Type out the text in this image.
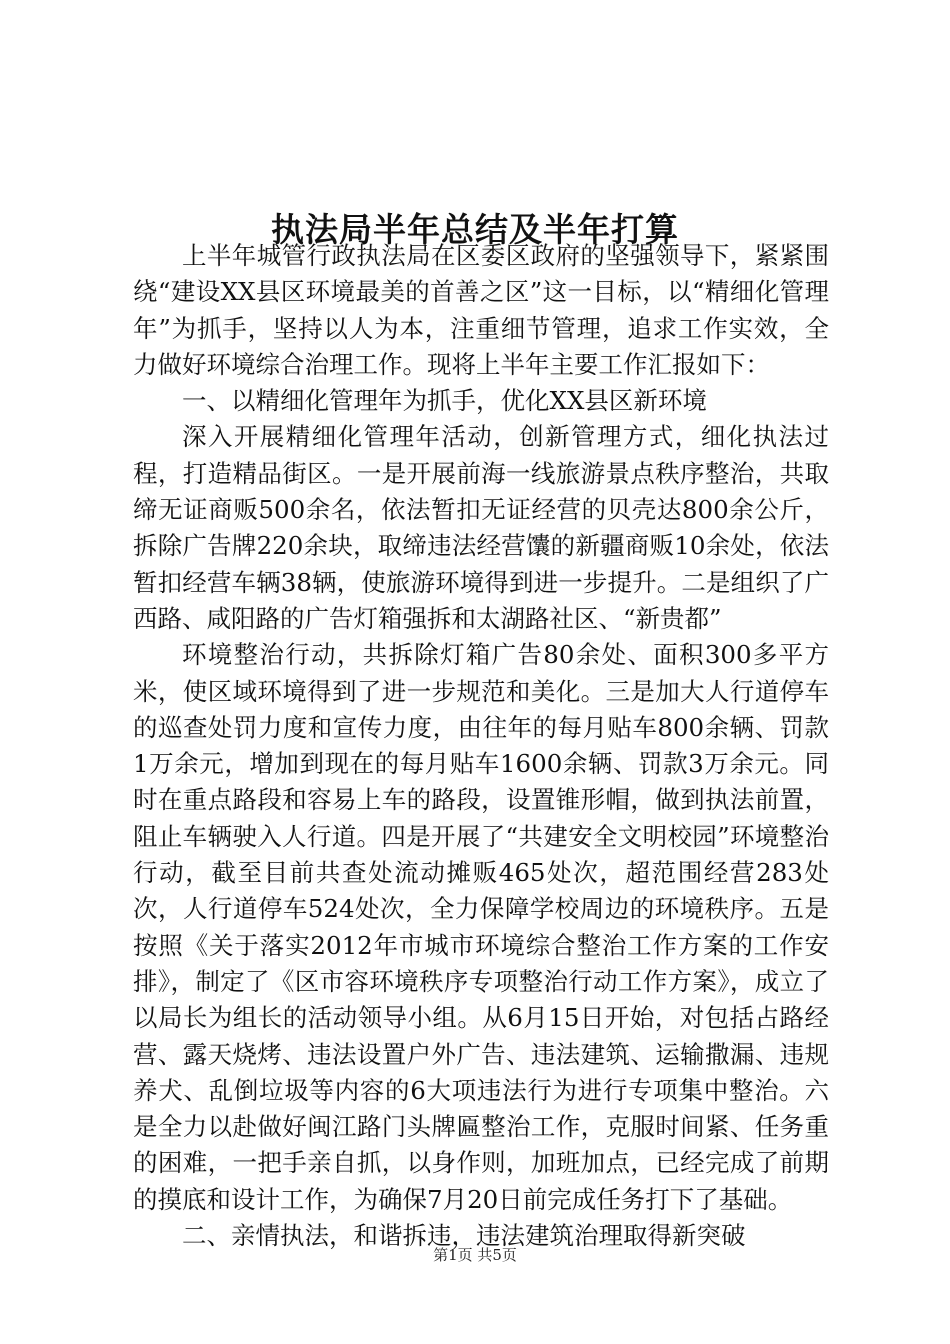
执法局半年总结及半年打算

上半年城管行政执法局在区委区政府的坚强领导下，紧紧围绕“建设XX县区环境最美的首善之区”这一目标，以“精细化管理年”为抓手，坚持以人为本，注重细节管理，追求工作实效，全力做好环境综合治理工作。现将上半年主要工作汇报如下：

一、以精细化管理年为抓手，优化XX县区新环境

深入开展精细化管理年活动，创新管理方式，细化执法过程，打造精品街区。一是开展前海一线旅游景点秩序整治，共取缔无证商贩500余名，依法暂扣无证经营的贝壳达800余公斤，拆除广告牌220余块，取缔违法经营馕的新疆商贩10余处，依法暂扣经营车辆38辆，使旅游环境得到进一步提升。二是组织了广西路、咸阳路的广告灯箱强拆和太湖路社区、“新贵都”

环境整治行动，共拆除灯箱广告80余处、面积300多平方米，使区域环境得到了进一步规范和美化。三是加大人行道停车的巡查处罚力度和宣传力度，由往年的每月贴车800余辆、罚款1万余元，增加到现在的每月贴车1600余辆、罚款3万余元。同时在重点路段和容易上车的路段，设置锥形帽，做到执法前置，阻止车辆驶入人行道。四是开展了“共建安全文明校园”环境整治行动，截至目前共查处流动摊贩465处次，超范围经营283处次，人行道停车524处次，全力保障学校周边的环境秩序。五是按照《关于落实2012年市城市环境综合整治工作方案的工作安排》，制定了《区市容环境秩序专项整治行动工作方案》，成立了以局长为组长的活动领导小组。从6月15日开始，对包括占路经营、露天烧烤、违法设置户外广告、违法建筑、运输撒漏、违规养犬、乱倒垃圾等内容的6大项违法行为进行专项集中整治。六是全力以赴做好闽江路门头牌匾整治工作，克服时间紧、任务重的困难，一把手亲自抓，以身作则，加班加点，已经完成了前期的摸底和设计工作，为确保7月20日前完成任务打下了基础。

二、亲情执法，和谐拆违，违法建筑治理取得新突破

第1页 共5页
